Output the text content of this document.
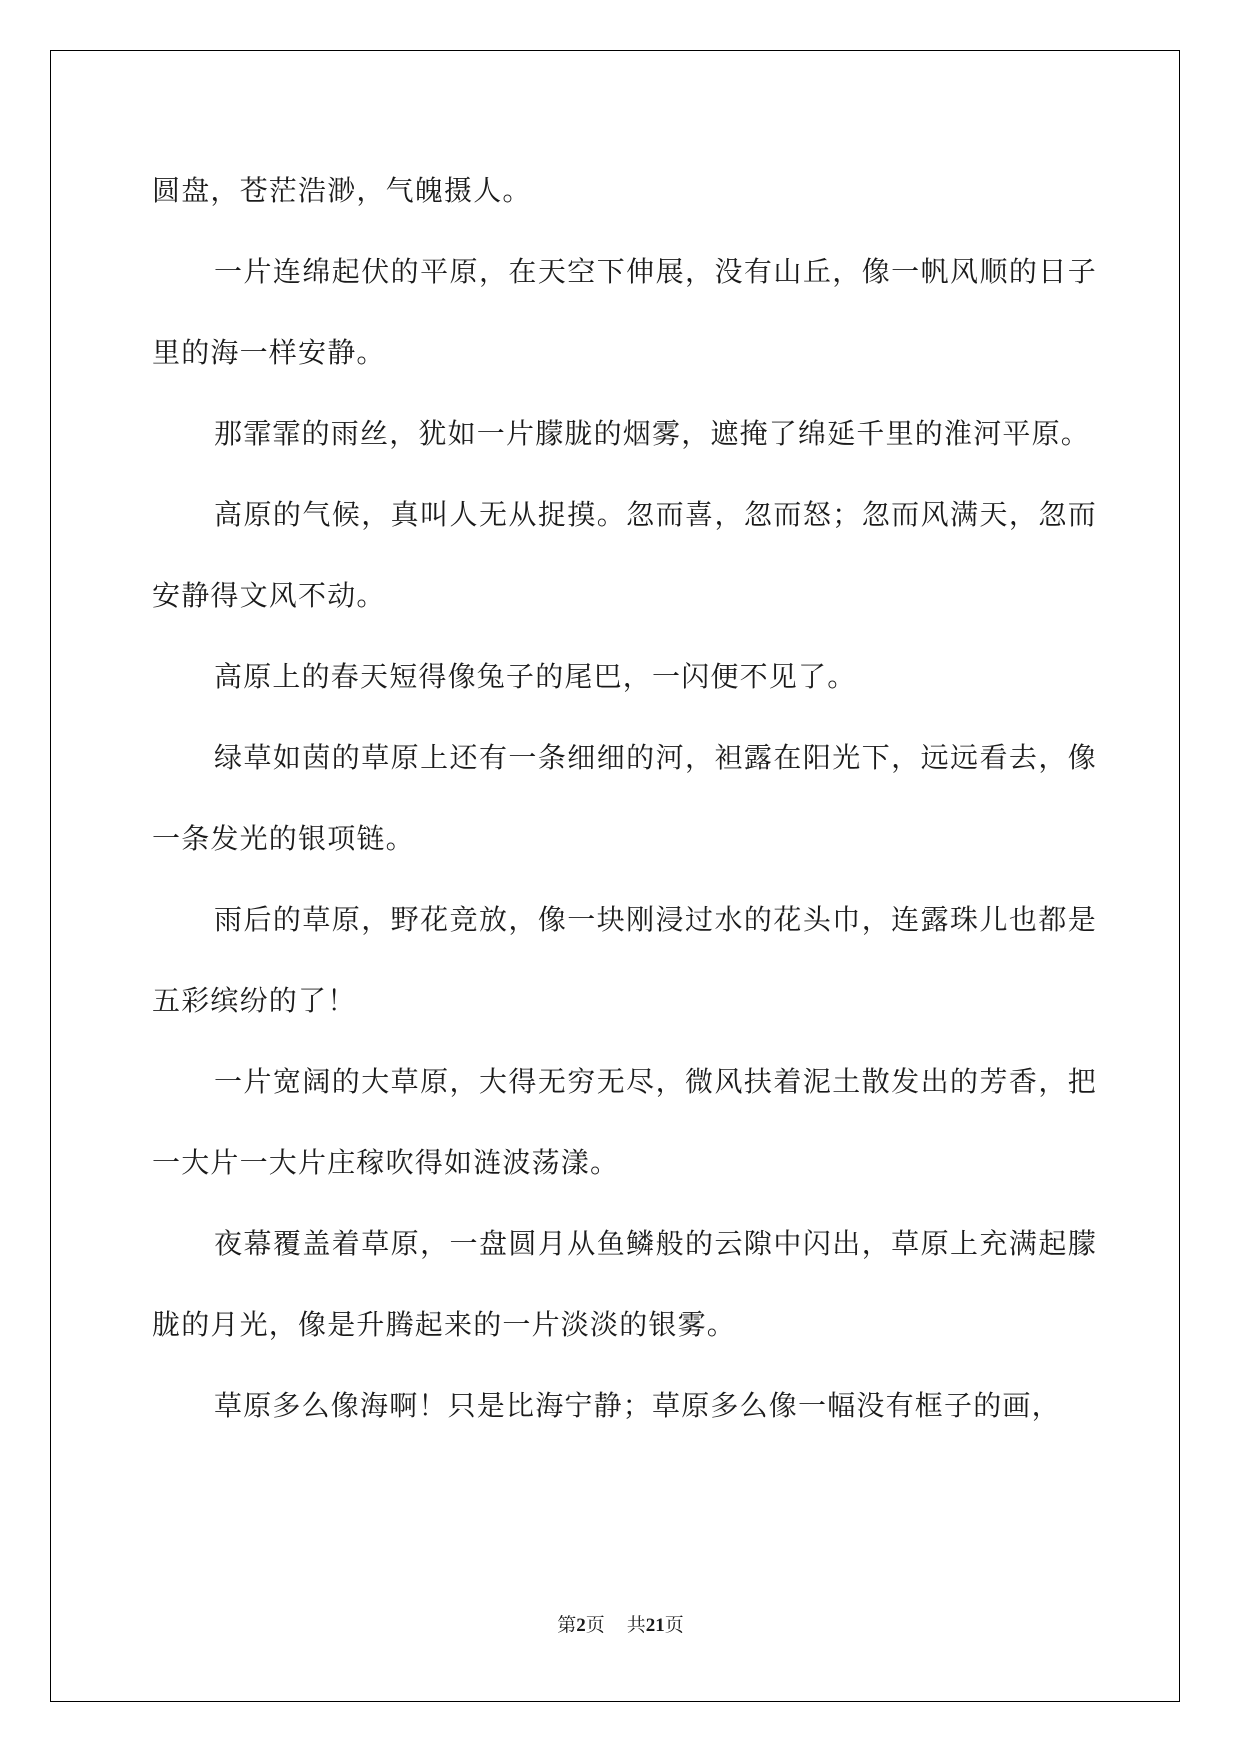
圆盘，苍茫浩渺，气魄摄人。

一片连绵起伏的平原，在天空下伸展，没有山丘，像一帆风顺的日子里的海一样安静。

那霏霏的雨丝，犹如一片朦胧的烟雾，遮掩了绵延千里的淮河平原。

高原的气候，真叫人无从捉摸。忽而喜，忽而怒；忽而风满天，忽而安静得文风不动。

高原上的春天短得像兔子的尾巴，一闪便不见了。

绿草如茵的草原上还有一条细细的河，袒露在阳光下，远远看去，像一条发光的银项链。

雨后的草原，野花竞放，像一块刚浸过水的花头巾，连露珠儿也都是五彩缤纷的了！

一片宽阔的大草原，大得无穷无尽，微风扶着泥土散发出的芳香，把一大片一大片庄稼吹得如涟波荡漾。

夜幕覆盖着草原，一盘圆月从鱼鳞般的云隙中闪出，草原上充满起朦胧的月光，像是升腾起来的一片淡淡的银雾。

草原多么像海啊！只是比海宁静；草原多么像一幅没有框子的画，

第2页 共21页
